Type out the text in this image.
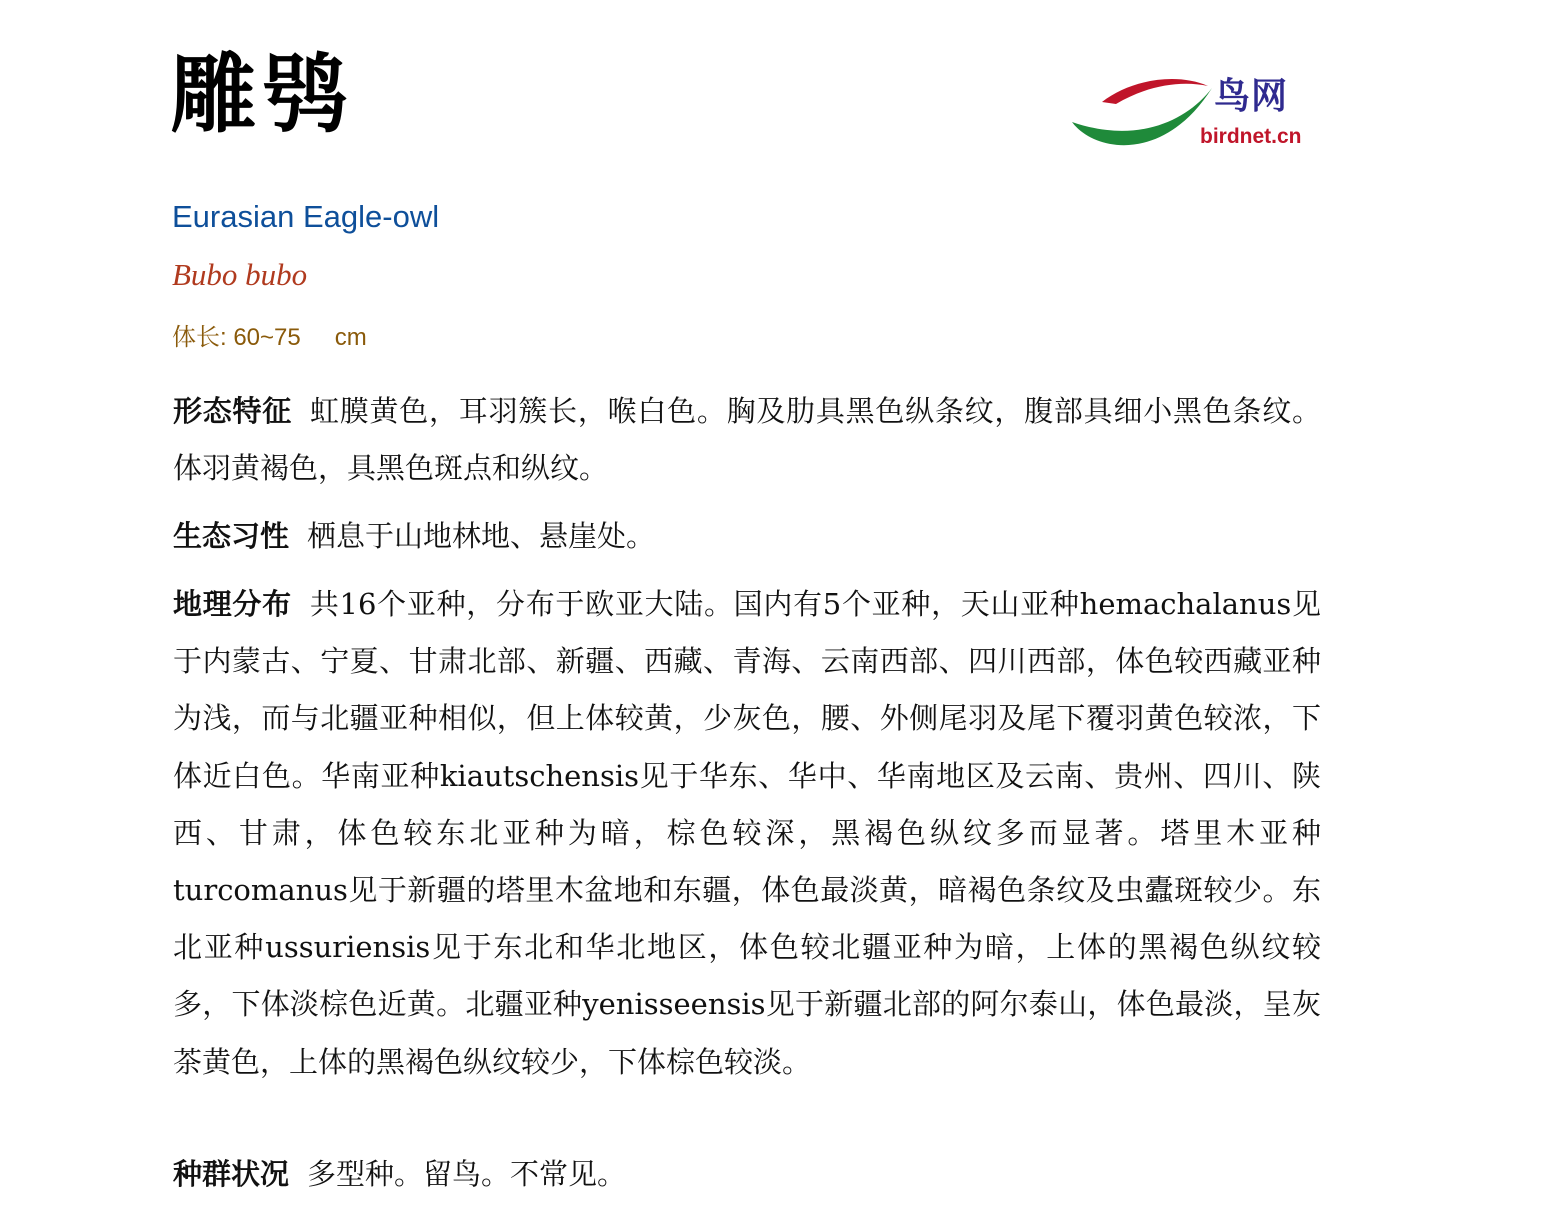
雕鸮	鸟网
birdnet.cn
Eurasian Eagle-owl
Bubo bubo
体长: 60~75 cm

形态特征 虹膜黄色，耳羽簇长，喉白色。胸及肋具黑色纵条纹，腹部具细小黑色条纹。体羽黄褐色，具黑色斑点和纵纹。

生态习性 栖息于山地林地、悬崖处。

地理分布 共16个亚种，分布于欧亚大陆。国内有5个亚种，天山亚种hemachalanus见于内蒙古、宁夏、甘肃北部、新疆、西藏、青海、云南西部、四川西部，体色较西藏亚种为浅，而与北疆亚种相似，但上体较黄，少灰色，腰、外侧尾羽及尾下覆羽黄色较浓，下体近白色。华南亚种kiautschensis见于华东、华中、华南地区及云南、贵州、四川、陕西、甘肃，体色较东北亚种为暗，棕色较深，黑褐色纵纹多而显著。塔里木亚种turcomanus见于新疆的塔里木盆地和东疆，体色最淡黄，暗褐色条纹及虫蠹斑较少。东北亚种ussuriensis见于东北和华北地区，体色较北疆亚种为暗，上体的黑褐色纵纹较多，下体淡棕色近黄。北疆亚种yenisseensis见于新疆北部的阿尔泰山，体色最淡，呈灰茶黄色，上体的黑褐色纵纹较少，下体棕色较淡。

种群状况 多型种。留鸟。不常见。
